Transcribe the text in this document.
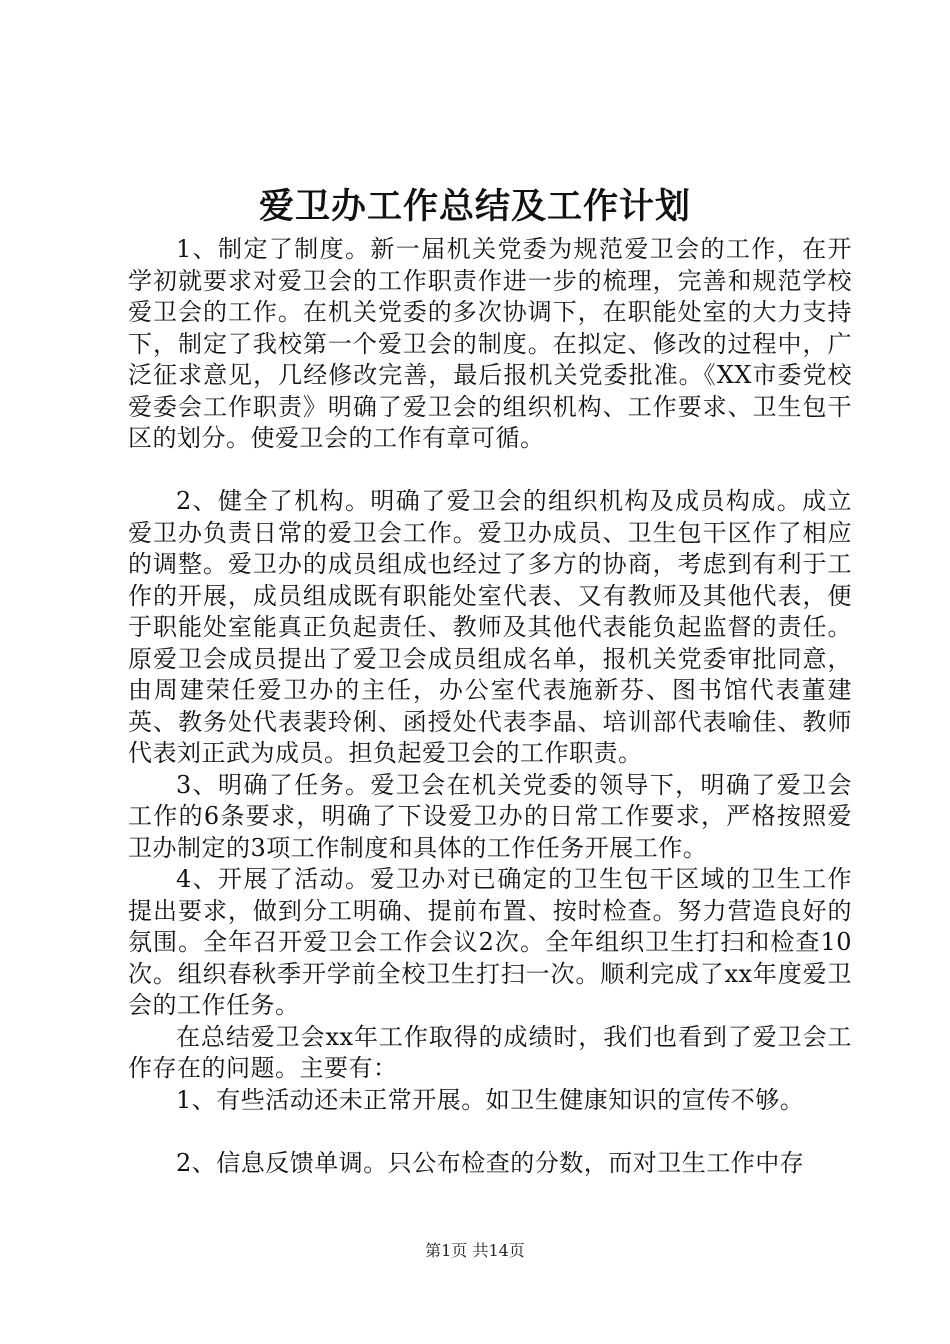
爱卫办工作总结及工作计划

1、制定了制度。新一届机关党委为规范爱卫会的工作，在开学初就要求对爱卫会的工作职责作进一步的梳理，完善和规范学校爱卫会的工作。在机关党委的多次协调下，在职能处室的大力支持下，制定了我校第一个爱卫会的制度。在拟定、修改的过程中，广泛征求意见，几经修改完善，最后报机关党委批准。《XX市委党校爱委会工作职责》明确了爱卫会的组织机构、工作要求、卫生包干区的划分。使爱卫会的工作有章可循。

2、健全了机构。明确了爱卫会的组织机构及成员构成。成立爱卫办负责日常的爱卫会工作。爱卫办成员、卫生包干区作了相应的调整。爱卫办的成员组成也经过了多方的协商，考虑到有利于工作的开展，成员组成既有职能处室代表、又有教师及其他代表，便于职能处室能真正负起责任、教师及其他代表能负起监督的责任。原爱卫会成员提出了爱卫会成员组成名单，报机关党委审批同意，由周建荣任爱卫办的主任，办公室代表施新芬、图书馆代表董建英、教务处代表裴玲俐、函授处代表李晶、培训部代表喻佳、教师代表刘正武为成员。担负起爱卫会的工作职责。

3、明确了任务。爱卫会在机关党委的领导下，明确了爱卫会工作的6条要求，明确了下设爱卫办的日常工作要求，严格按照爱卫办制定的3项工作制度和具体的工作任务开展工作。

4、开展了活动。爱卫办对已确定的卫生包干区域的卫生工作提出要求，做到分工明确、提前布置、按时检查。努力营造良好的氛围。全年召开爱卫会工作会议2次。全年组织卫生打扫和检查10次。组织春秋季开学前全校卫生打扫一次。顺利完成了xx年度爱卫会的工作任务。

在总结爱卫会xx年工作取得的成绩时，我们也看到了爱卫会工作存在的问题。主要有：

1、有些活动还未正常开展。如卫生健康知识的宣传不够。

2、信息反馈单调。只公布检查的分数，而对卫生工作中存

第1页 共14页
